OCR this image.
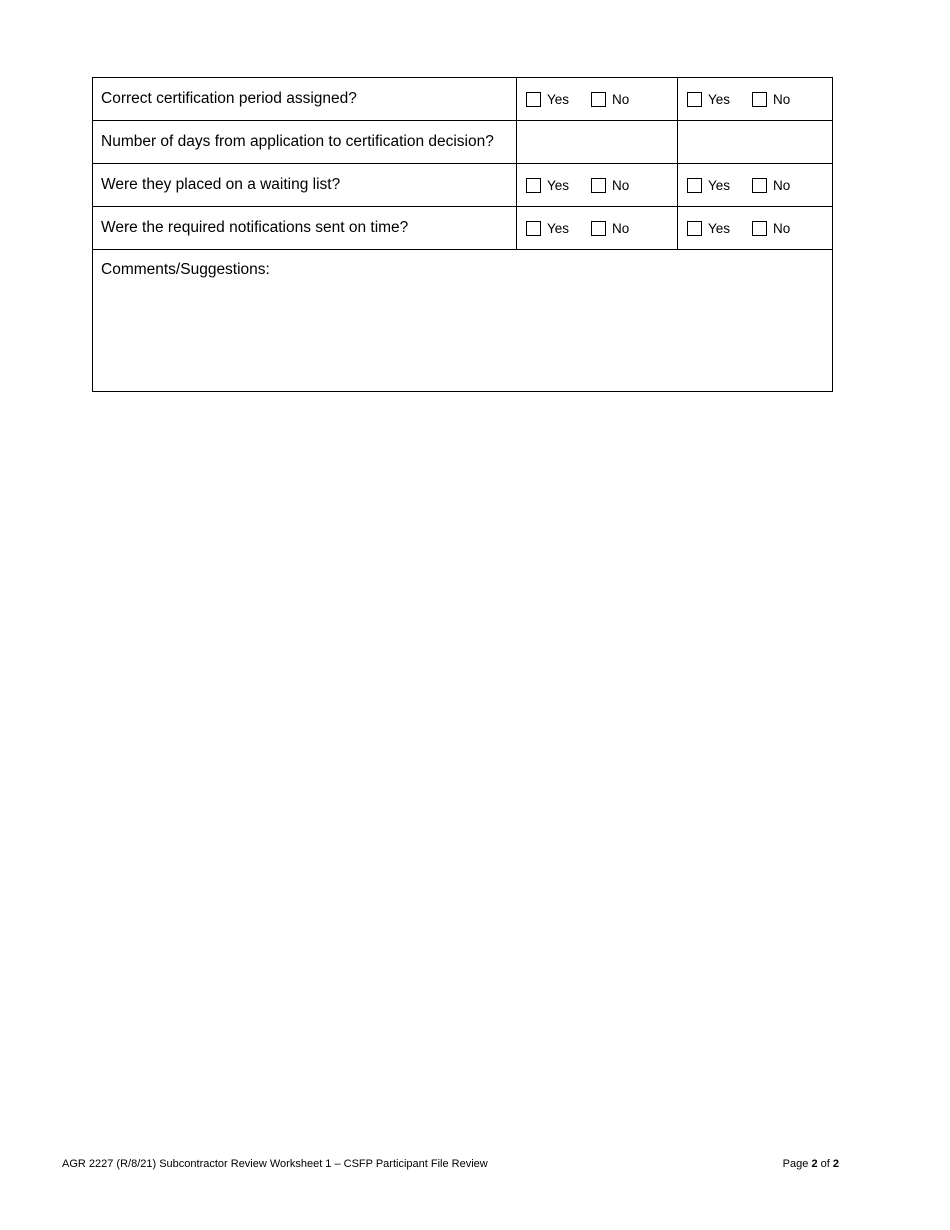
Correct certification period assigned?	Yes No	Yes No

Number of days from application to certification decision?		
Were they placed on a waiting list?	Yes No	Yes No

Were the required notifications sent on time?	Yes No	Yes No

Comments/Suggestions:		
AGR 2227 (R/8/21) Subcontractor Review Worksheet 1 – CSFP Participant File Review	Page 2 of 2
